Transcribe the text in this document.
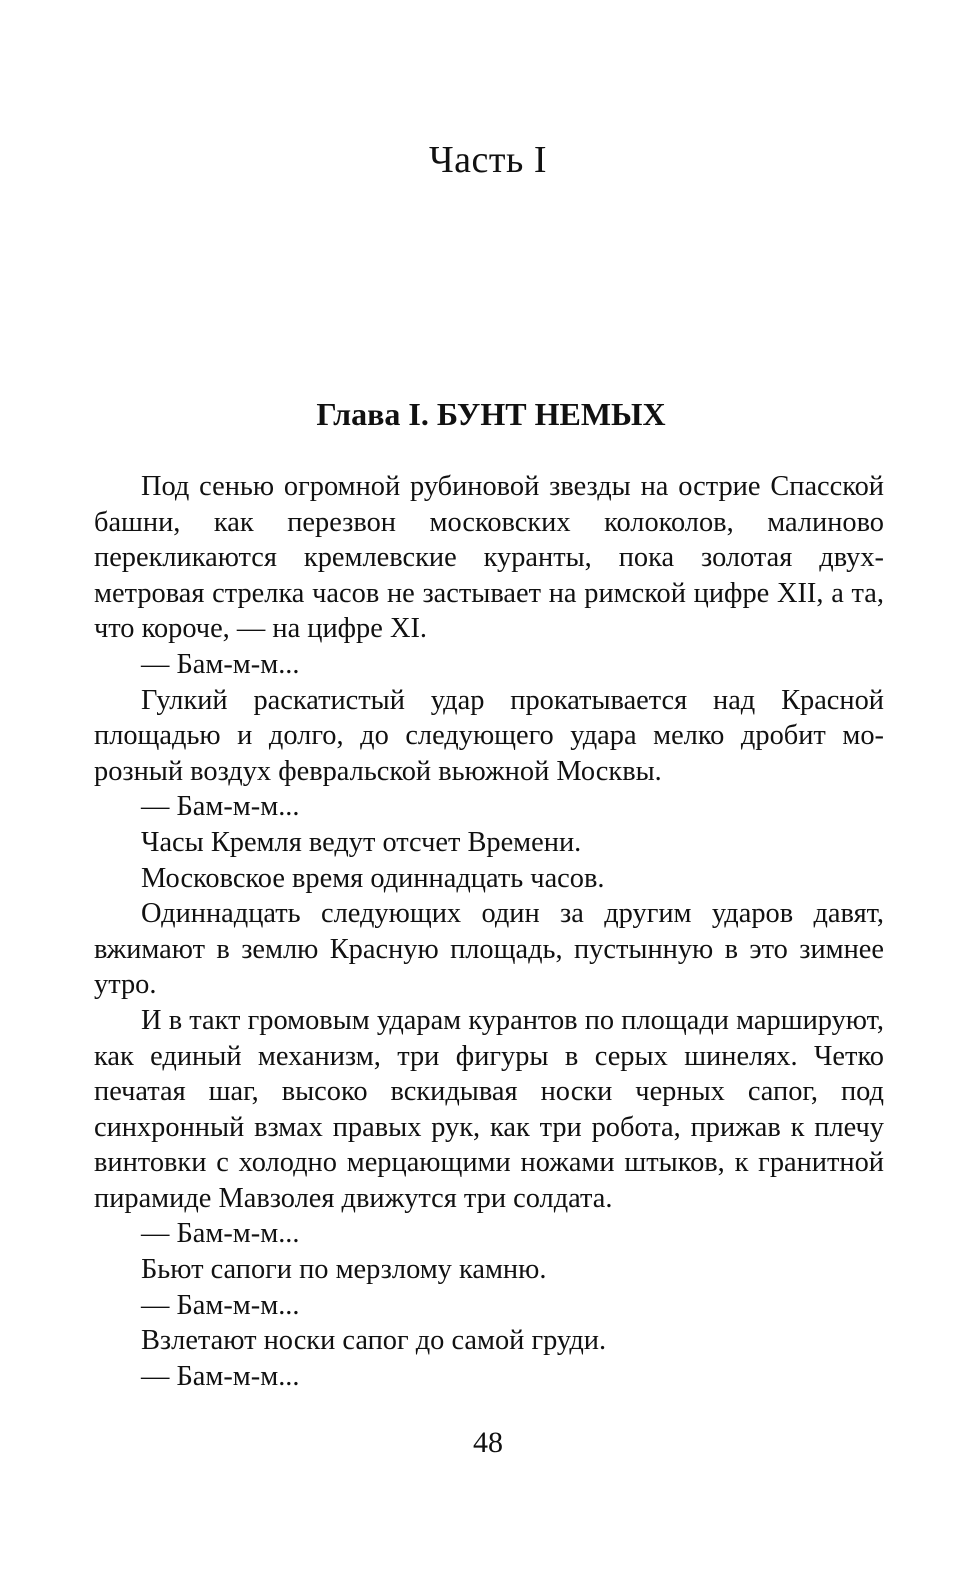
Часть I
Глава I. БУНТ НЕМЫХ

Под сенью огромной рубиновой звезды на острие Спасской башни, как перезвон московских колоколов, малиново перекликаются кремлевские куранты, пока золотая двухметровая стрелка часов не застывает на римской цифре XII, а та, что короче, — на цифре XI.

— Бам-м-м...

Гулкий раскатистый удар прокатывается над Красной площадью и долго, до следующего удара мелко дробит морозный воздух февральской вьюжной Москвы.

— Бам-м-м...

Часы Кремля ведут отсчет Времени.

Московское время одиннадцать часов.

Одиннадцать следующих один за другим ударов давят, вжимают в землю Красную площадь, пустынную в это зимнее утро.

И в такт громовым ударам курантов по площади маршируют, как единый механизм, три фигуры в серых шинелях. Четко печатая шаг, высоко вскидывая носки черных сапог, под синхронный взмах правых рук, как три робота, прижав к плечу винтовки с холодно мерцающими ножами штыков, к гранитной пирамиде Мавзолея движутся три солдата.

— Бам-м-м...

Бьют сапоги по мерзлому камню.

— Бам-м-м...

Взлетают носки сапог до самой груди.

— Бам-м-м...

48
